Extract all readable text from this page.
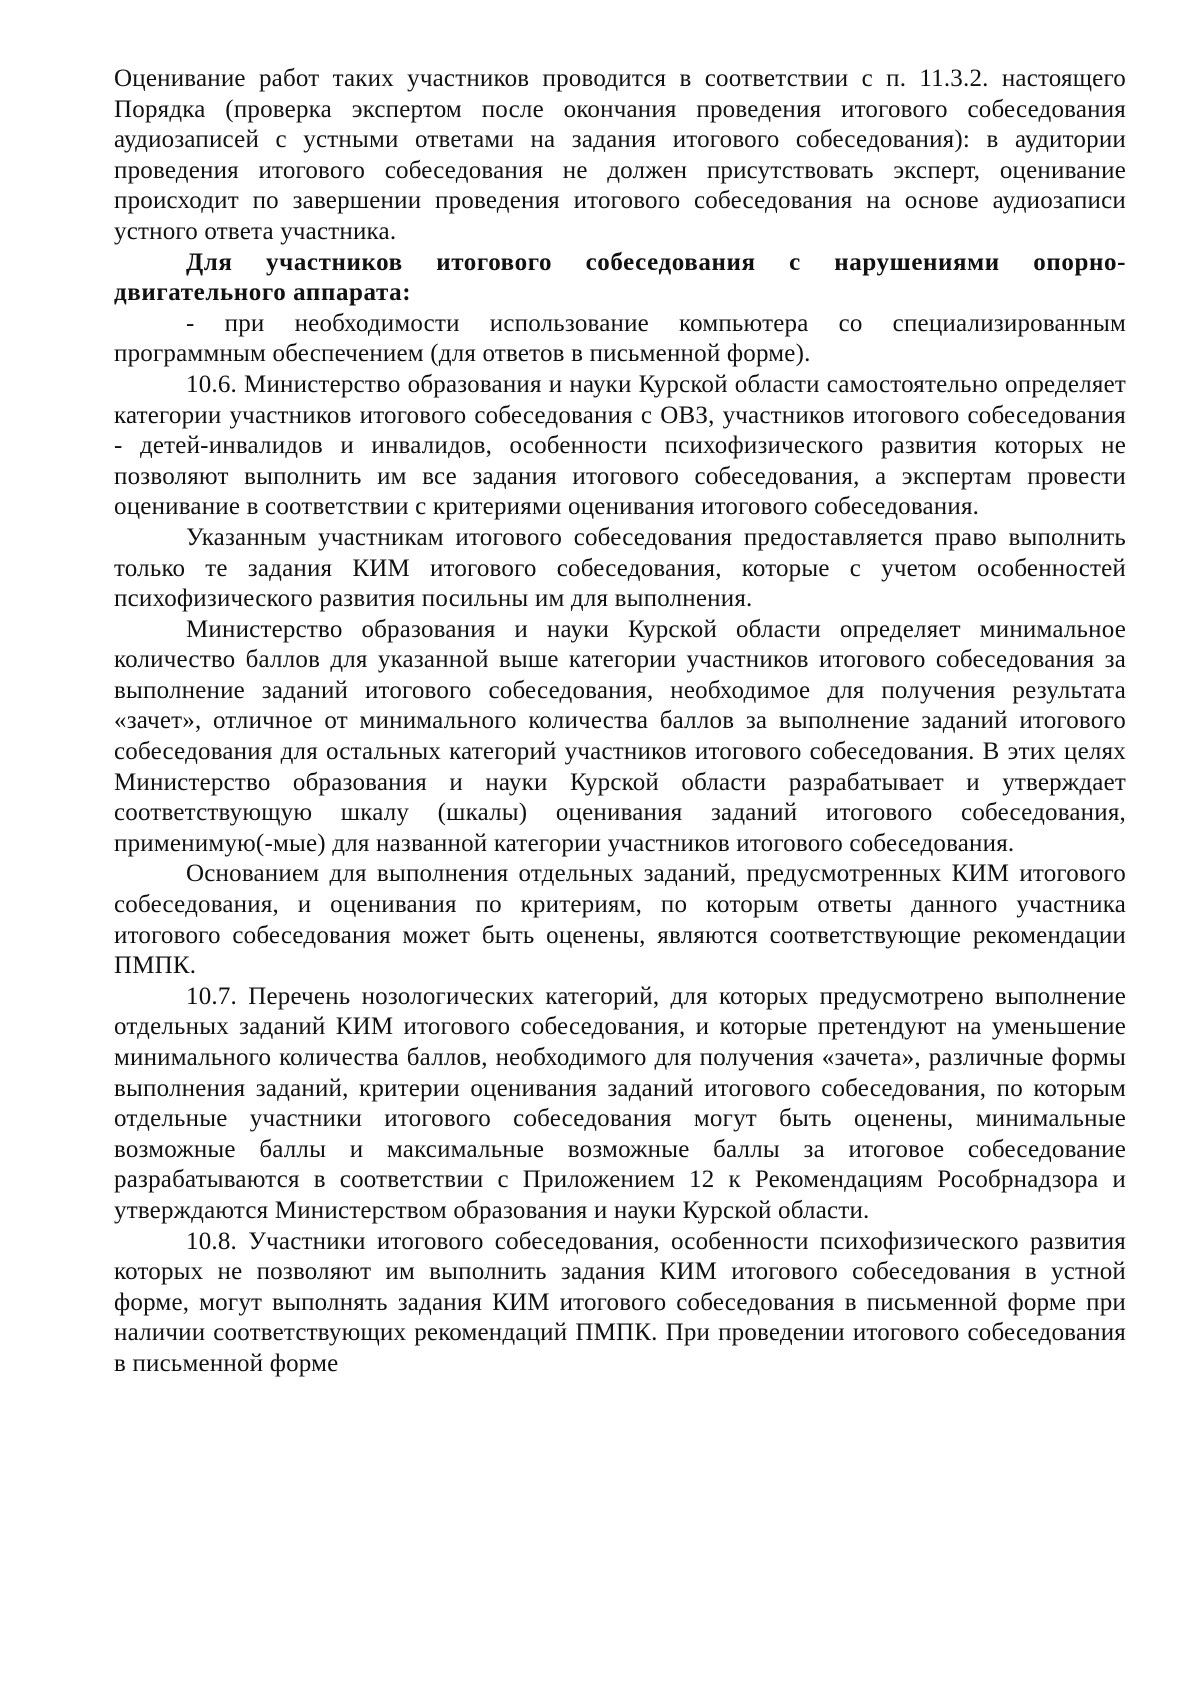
Оценивание работ таких участников проводится в соответствии с п. 11.3.2. настоящего Порядка (проверка экспертом после окончания проведения итогового собеседования аудиозаписей с устными ответами на задания итогового собеседования): в аудитории проведения итогового собеседования не должен присутствовать эксперт, оценивание происходит по завершении проведения итогового собеседования на основе аудиозаписи устного ответа участника.

Для участников итогового собеседования с нарушениями опорно-двигательного аппарата:

- при необходимости использование компьютера со специализированным программным обеспечением (для ответов в письменной форме).

10.6. Министерство образования и науки Курской области самостоятельно определяет категории участников итогового собеседования с ОВЗ, участников итогового собеседования - детей-инвалидов и инвалидов, особенности психофизического развития которых не позволяют выполнить им все задания итогового собеседования, а экспертам провести оценивание в соответствии с критериями оценивания итогового собеседования.

Указанным участникам итогового собеседования предоставляется право выполнить только те задания КИМ итогового собеседования, которые с учетом особенностей психофизического развития посильны им для выполнения.

Министерство образования и науки Курской области определяет минимальное количество баллов для указанной выше категории участников итогового собеседования за выполнение заданий итогового собеседования, необходимое для получения результата «зачет», отличное от минимального количества баллов за выполнение заданий итогового собеседования для остальных категорий участников итогового собеседования. В этих целях Министерство образования и науки Курской области разрабатывает и утверждает соответствующую шкалу (шкалы) оценивания заданий итогового собеседования, применимую(-мые) для названной категории участников итогового собеседования.

Основанием для выполнения отдельных заданий, предусмотренных КИМ итогового собеседования, и оценивания по критериям, по которым ответы данного участника итогового собеседования может быть оценены, являются соответствующие рекомендации ПМПК.

10.7. Перечень нозологических категорий, для которых предусмотрено выполнение отдельных заданий КИМ итогового собеседования, и которые претендуют на уменьшение минимального количества баллов, необходимого для получения «зачета», различные формы выполнения заданий, критерии оценивания заданий итогового собеседования, по которым отдельные участники итогового собеседования могут быть оценены, минимальные возможные баллы и максимальные возможные баллы за итоговое собеседование разрабатываются в соответствии с Приложением 12 к Рекомендациям Рособрнадзора и утверждаются Министерством образования и науки Курской области.

10.8. Участники итогового собеседования, особенности психофизического развития которых не позволяют им выполнить задания КИМ итогового собеседования в устной форме, могут выполнять задания КИМ итогового собеседования в письменной форме при наличии соответствующих рекомендаций ПМПК. При проведении итогового собеседования в письменной форме
